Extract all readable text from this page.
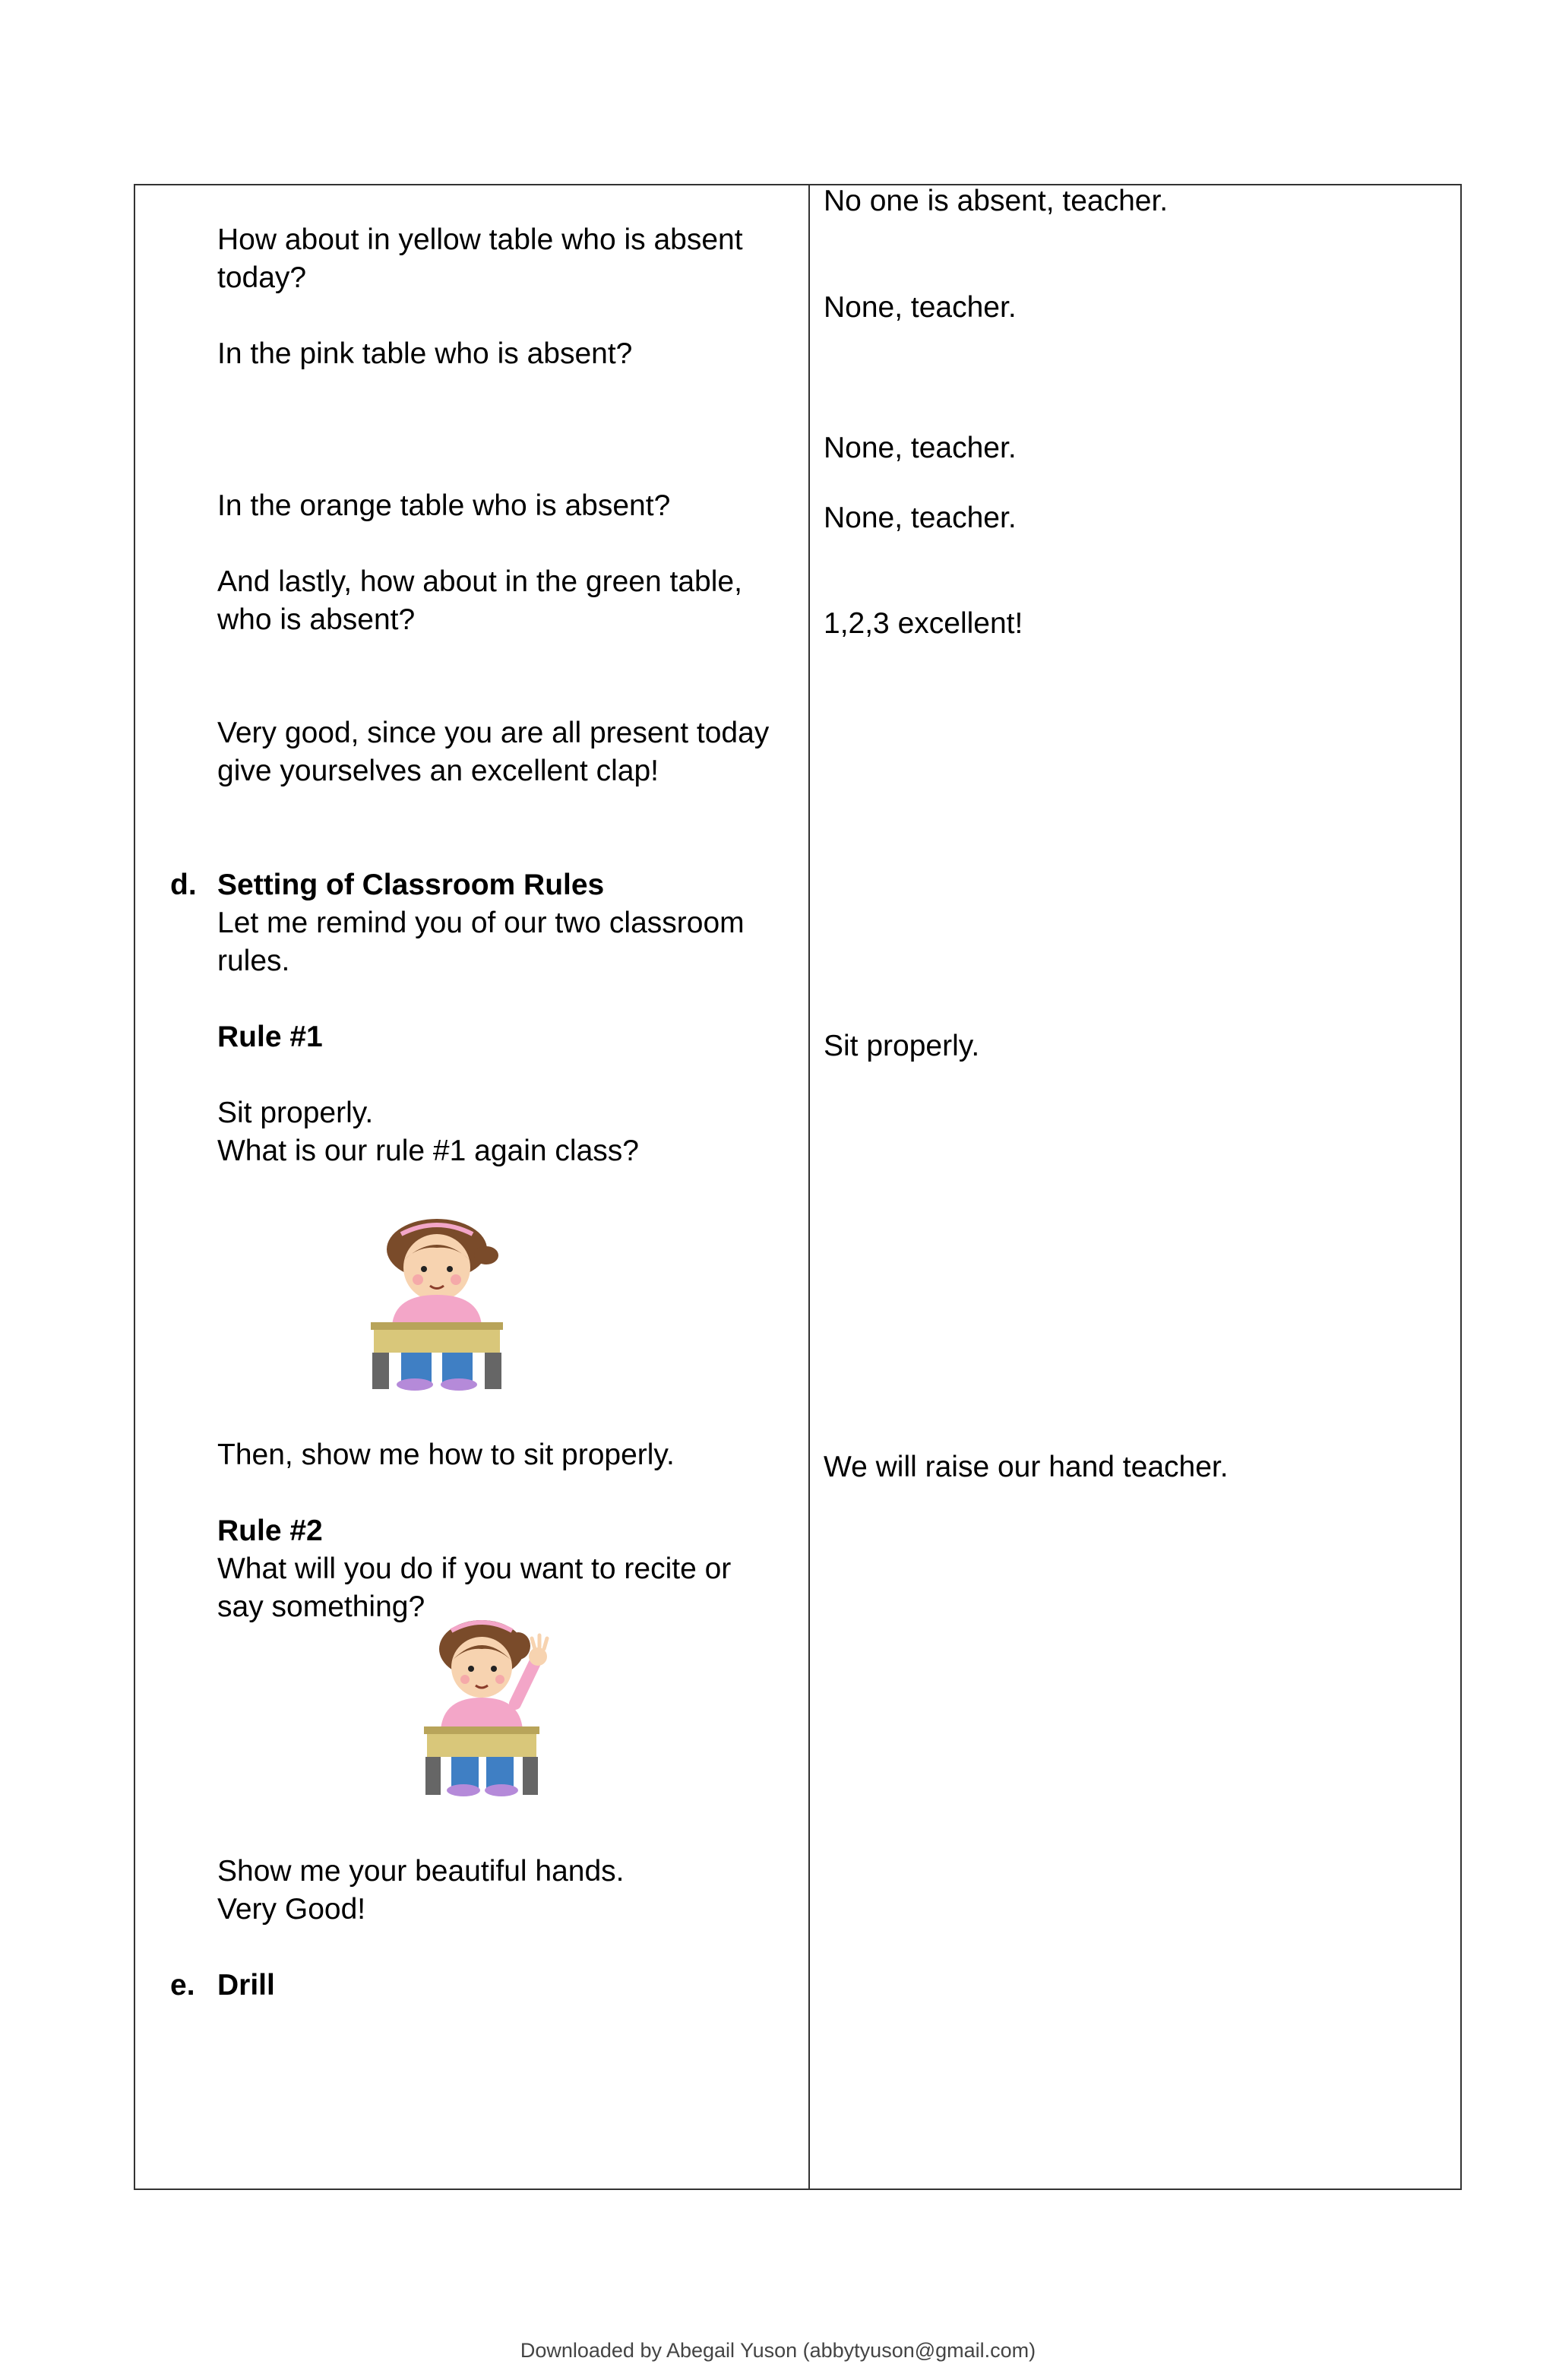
How about in yellow table who is absent

today?

In the pink table who is absent?

In the orange table who is absent?

And lastly, how about in the green table,

who is absent?

Very good, since you are all present today

give yourselves an excellent clap!

d. Setting of Classroom Rules

Let me remind you of our two classroom

rules.

Rule #1

Sit properly.

What is our rule #1 again class?

Then, show me how to sit properly.

Rule #2

What will you do if you want to recite or

say something?

Show me your beautiful hands.

Very Good!

e. Drill

No one is absent, teacher.

None, teacher.

None, teacher.

None, teacher.

1,2,3 excellent!

Sit properly.

We will raise our hand teacher.

Downloaded by Abegail Yuson (abbytyuson@gmail.com)
